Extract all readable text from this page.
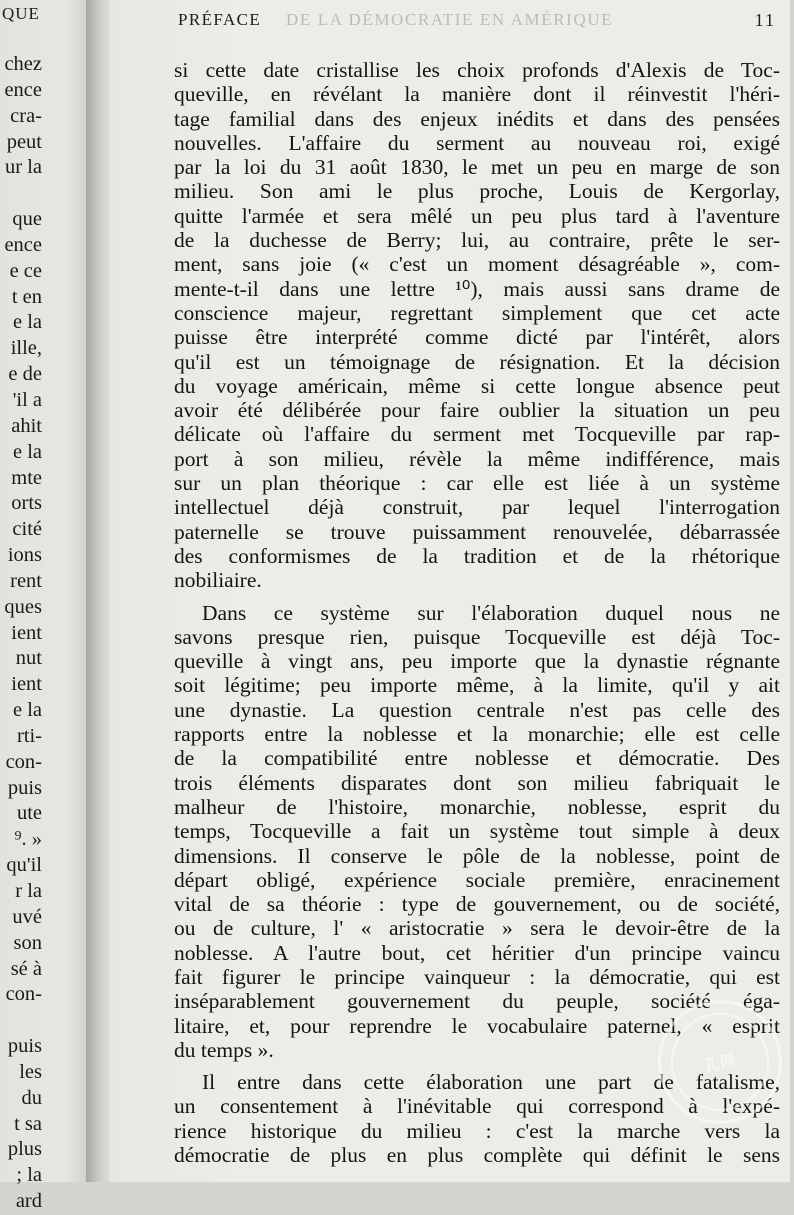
QUE
chez
ence
cra-
peut
ur la
que
ence
e ce
t en
e la
ille,
e de
'il a
ahit
e la
mte
orts
cité
ions
rent
ques
ient
nut
ient
e la
rti-
con-
puis
ute
⁹. »
qu'il
r la
uvé
son
sé à
con-
puis
les
du
t sa
plus
; la
ard
PRÉFACE DE LA DÉMOCRATIE EN AMÉRIQUE	11
si cette date cristallise les choix profonds d'Alexis de Toc-
queville, en révélant la manière dont il réinvestit l'héri-
tage familial dans des enjeux inédits et dans des pensées
nouvelles. L'affaire du serment au nouveau roi, exigé
par la loi du 31 août 1830, le met un peu en marge de son
milieu. Son ami le plus proche, Louis de Kergorlay,
quitte l'armée et sera mêlé un peu plus tard à l'aventure
de la duchesse de Berry; lui, au contraire, prête le ser-
ment, sans joie (« c'est un moment désagréable », com-
mente-t-il dans une lettre ¹⁰), mais aussi sans drame de
conscience majeur, regrettant simplement que cet acte
puisse être interprété comme dicté par l'intérêt, alors
qu'il est un témoignage de résignation. Et la décision
du voyage américain, même si cette longue absence peut
avoir été délibérée pour faire oublier la situation un peu
délicate où l'affaire du serment met Tocqueville par rap-
port à son milieu, révèle la même indifférence, mais
sur un plan théorique : car elle est liée à un système
intellectuel déjà construit, par lequel l'interrogation
paternelle se trouve puissamment renouvelée, débarrassée
des conformismes de la tradition et de la rhétorique
nobiliaire.
Dans ce système sur l'élaboration duquel nous ne
savons presque rien, puisque Tocqueville est déjà Toc-
queville à vingt ans, peu importe que la dynastie régnante
soit légitime; peu importe même, à la limite, qu'il y ait
une dynastie. La question centrale n'est pas celle des
rapports entre la noblesse et la monarchie; elle est celle
de la compatibilité entre noblesse et démocratie. Des
trois éléments disparates dont son milieu fabriquait le
malheur de l'histoire, monarchie, noblesse, esprit du
temps, Tocqueville a fait un système tout simple à deux
dimensions. Il conserve le pôle de la noblesse, point de
départ obligé, expérience sociale première, enracinement
vital de sa théorie : type de gouvernement, ou de société,
ou de culture, l' « aristocratie » sera le devoir-être de la
noblesse. A l'autre bout, cet héritier d'un principe vaincu
fait figurer le principe vainqueur : la démocratie, qui est
inséparablement gouvernement du peuple, société éga-
litaire, et, pour reprendre le vocabulaire paternel, « esprit
du temps ».
Il entre dans cette élaboration une part de fatalisme,
un consentement à l'inévitable qui correspond à l'expé-
rience historique du milieu : c'est la marche vers la
démocratie de plus en plus complète qui définit le sens
孔网
